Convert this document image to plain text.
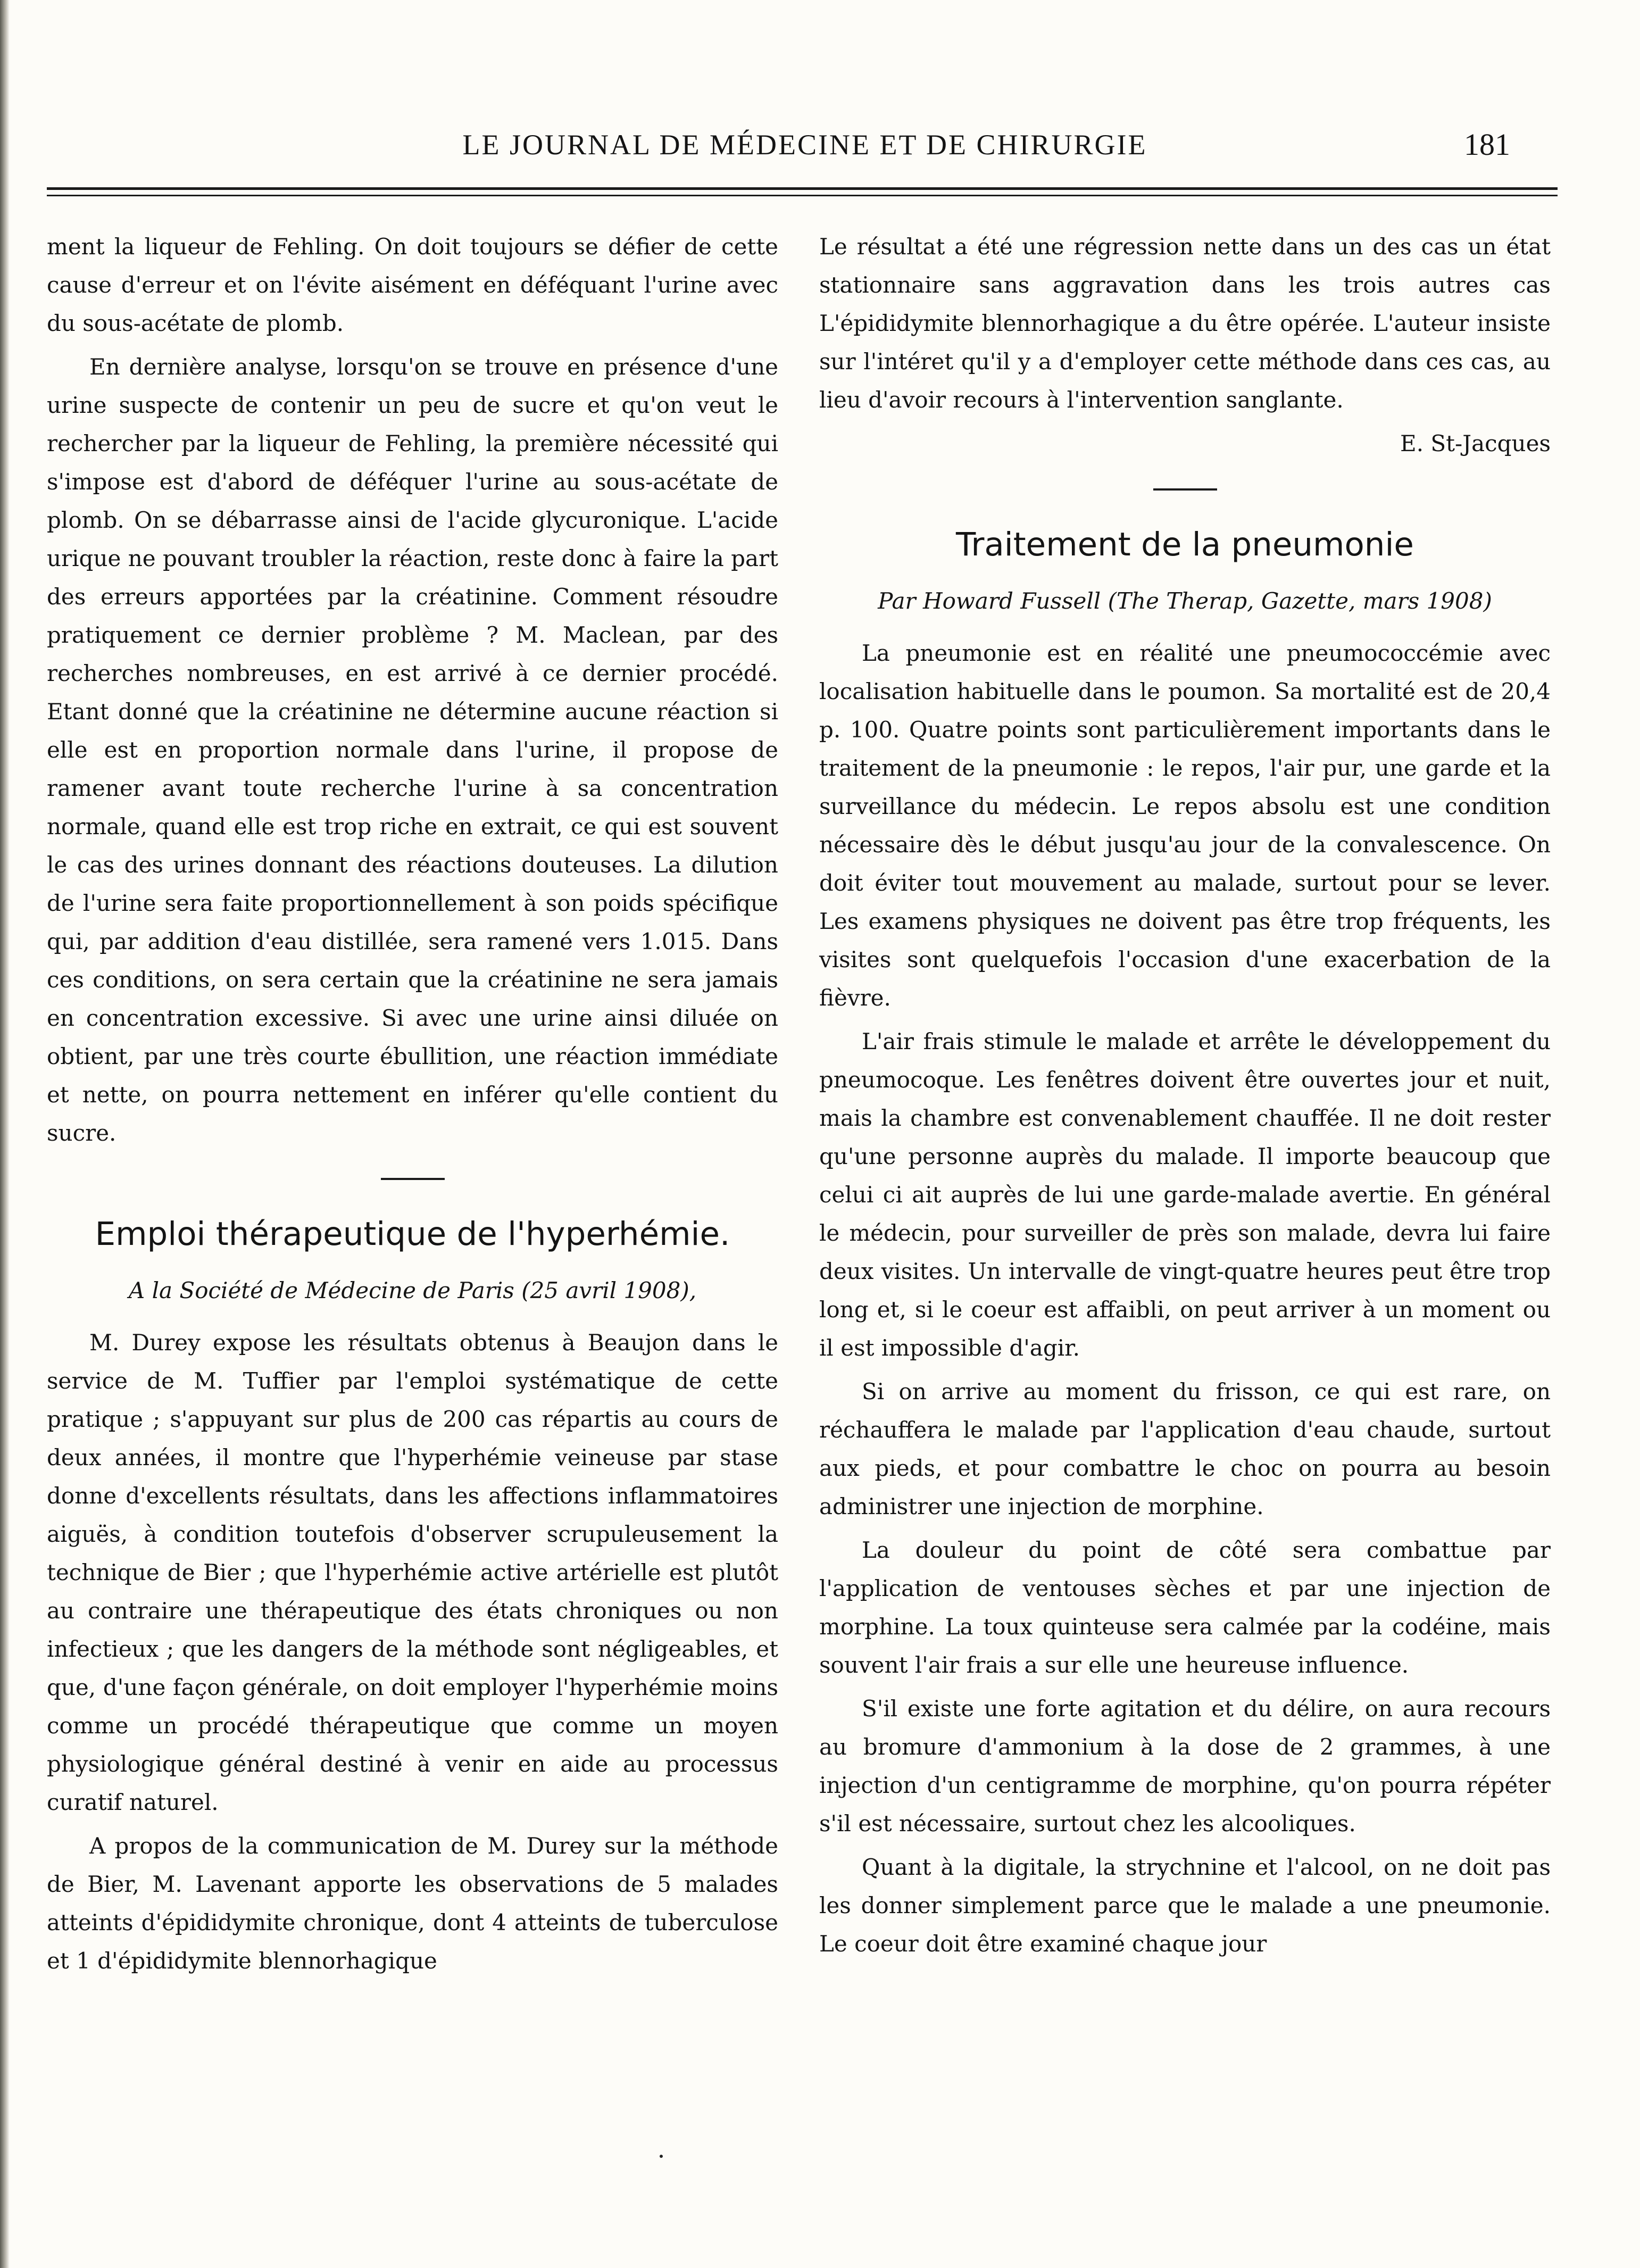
LE JOURNAL DE MÉDECINE ET DE CHIRURGIE	181

ment la liqueur de Fehling. On doit toujours se défier de cette cause d'erreur et on l'évite aisément en déféquant l'urine avec du sous-acétate de plomb.

En dernière analyse, lorsqu'on se trouve en présence d'une urine suspecte de contenir un peu de sucre et qu'on veut le rechercher par la liqueur de Fehling, la première nécessité qui s'impose est d'abord de déféquer l'urine au sous-acétate de plomb. On se débarrasse ainsi de l'acide glycuronique. L'acide urique ne pouvant troubler la réaction, reste donc à faire la part des erreurs apportées par la créatinine. Comment résoudre pratiquement ce dernier problème ? M. Maclean, par des recherches nombreuses, en est arrivé à ce dernier procédé. Etant donné que la créatinine ne détermine aucune réaction si elle est en proportion normale dans l'urine, il propose de ramener avant toute recherche l'urine à sa concentration normale, quand elle est trop riche en extrait, ce qui est souvent le cas des urines donnant des réactions douteuses. La dilution de l'urine sera faite proportionnellement à son poids spécifique qui, par addition d'eau distillée, sera ramené vers 1.015. Dans ces conditions, on sera certain que la créatinine ne sera jamais en concentration excessive. Si avec une urine ainsi diluée on obtient, par une très courte ébullition, une réaction immédiate et nette, on pourra nettement en inférer qu'elle contient du sucre.

Emploi thérapeutique de l'hyperhémie.

A la Société de Médecine de Paris (25 avril 1908),

M. Durey expose les résultats obtenus à Beaujon dans le service de M. Tuffier par l'emploi systématique de cette pratique ; s'appuyant sur plus de 200 cas répartis au cours de deux années, il montre que l'hyperhémie veineuse par stase donne d'excellents résultats, dans les affections inflammatoires aiguës, à condition toutefois d'observer scrupuleusement la technique de Bier ; que l'hyperhémie active artérielle est plutôt au contraire une thérapeutique des états chroniques ou non infectieux ; que les dangers de la méthode sont négligeables, et que, d'une façon générale, on doit employer l'hyperhémie moins comme un procédé thérapeutique que comme un moyen physiologique général destiné à venir en aide au processus curatif naturel.

A propos de la communication de M. Durey sur la méthode de Bier, M. Lavenant apporte les observations de 5 malades atteints d'épididymite chronique, dont 4 atteints de tuberculose et 1 d'épididymite blennorhagique

Le résultat a été une régression nette dans un des cas un état stationnaire sans aggravation dans les trois autres cas L'épididymite blennorhagique a du être opérée. L'auteur insiste sur l'intéret qu'il y a d'employer cette méthode dans ces cas, au lieu d'avoir recours à l'intervention sanglante.

E. St-Jacques

Traitement de la pneumonie

Par Howard Fussell (The Therap, Gazette, mars 1908)

La pneumonie est en réalité une pneumococcémie avec localisation habituelle dans le poumon. Sa mortalité est de 20,4 p. 100. Quatre points sont particulièrement importants dans le traitement de la pneumonie : le repos, l'air pur, une garde et la surveillance du médecin. Le repos absolu est une condition nécessaire dès le début jusqu'au jour de la convalescence. On doit éviter tout mouvement au malade, surtout pour se lever. Les examens physiques ne doivent pas être trop fréquents, les visites sont quelquefois l'occasion d'une exacerbation de la fièvre.

L'air frais stimule le malade et arrête le développement du pneumocoque. Les fenêtres doivent être ouvertes jour et nuit, mais la chambre est convenablement chauffée. Il ne doit rester qu'une personne auprès du malade. Il importe beaucoup que celui ci ait auprès de lui une garde-malade avertie. En général le médecin, pour surveiller de près son malade, devra lui faire deux visites. Un intervalle de vingt-quatre heures peut être trop long et, si le coeur est affaibli, on peut arriver à un moment ou il est impossible d'agir.

Si on arrive au moment du frisson, ce qui est rare, on réchauffera le malade par l'application d'eau chaude, surtout aux pieds, et pour combattre le choc on pourra au besoin administrer une injection de morphine.

La douleur du point de côté sera combattue par l'application de ventouses sèches et par une injection de morphine. La toux quinteuse sera calmée par la codéine, mais souvent l'air frais a sur elle une heureuse influence.

S'il existe une forte agitation et du délire, on aura recours au bromure d'ammonium à la dose de 2 grammes, à une injection d'un centigramme de morphine, qu'on pourra répéter s'il est nécessaire, surtout chez les alcooliques.

Quant à la digitale, la strychnine et l'alcool, on ne doit pas les donner simplement parce que le malade a une pneumonie. Le coeur doit être examiné chaque jour
